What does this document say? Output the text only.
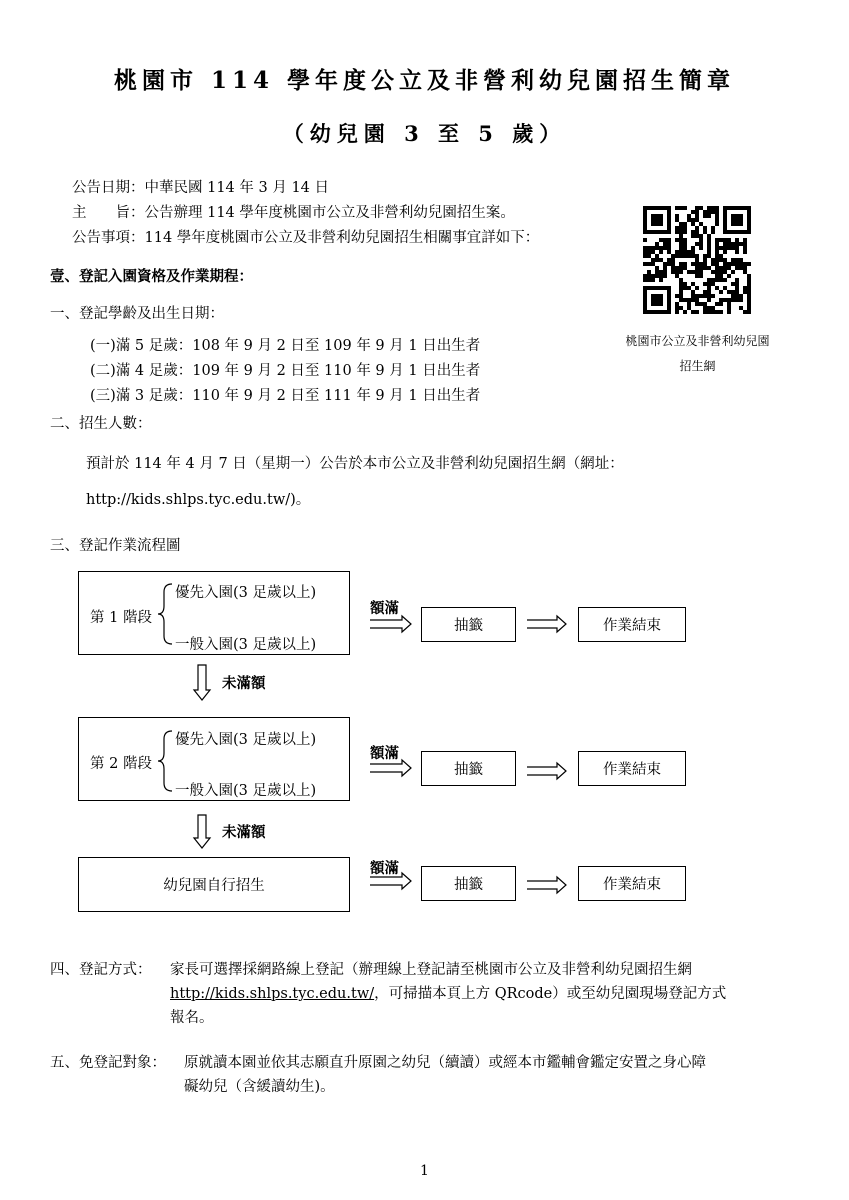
桃園市 114 學年度公立及非營利幼兒園招生簡章
（幼兒園 3 至 5 歲）
公告日期：中華民國 114 年 3 月 14 日
主　　旨：公告辦理 114 學年度桃園市公立及非營利幼兒園招生案。
公告事項：114 學年度桃園市公立及非營利幼兒園招生相關事宜詳如下：
桃園市公立及非營利幼兒園
招生網
壹、登記入園資格及作業期程：
一、登記學齡及出生日期：
(一)滿 5 足歲：108 年 9 月 2 日至 109 年 9 月 1 日出生者
(二)滿 4 足歲：109 年 9 月 2 日至 110 年 9 月 1 日出生者
(三)滿 3 足歲：110 年 9 月 2 日至 111 年 9 月 1 日出生者
二、招生人數：
預計於 114 年 4 月 7 日（星期一）公告於本市公立及非營利幼兒園招生網（網址：
http://kids.shlps.tyc.edu.tw/)。
三、登記作業流程圖
第 1 階段
優先入園(3 足歲以上)
一般入園(3 足歲以上)
額滿
抽籤	作業結束
未滿額
第 2 階段
優先入園(3 足歲以上)
一般入園(3 足歲以上)
額滿
抽籤	作業結束
未滿額
幼兒園自行招生
額滿
抽籤	作業結束
四、登記方式： 家長可選擇採網路線上登記（辦理線上登記請至桃園市公立及非營利幼兒園招生網
http://kids.shlps.tyc.edu.tw/，可掃描本頁上方 QRcode）或至幼兒園現場登記方式
報名。
五、免登記對象： 原就讀本園並依其志願直升原園之幼兒（續讀）或經本市鑑輔會鑑定安置之身心障
礙幼兒（含緩讀幼生)。
1
